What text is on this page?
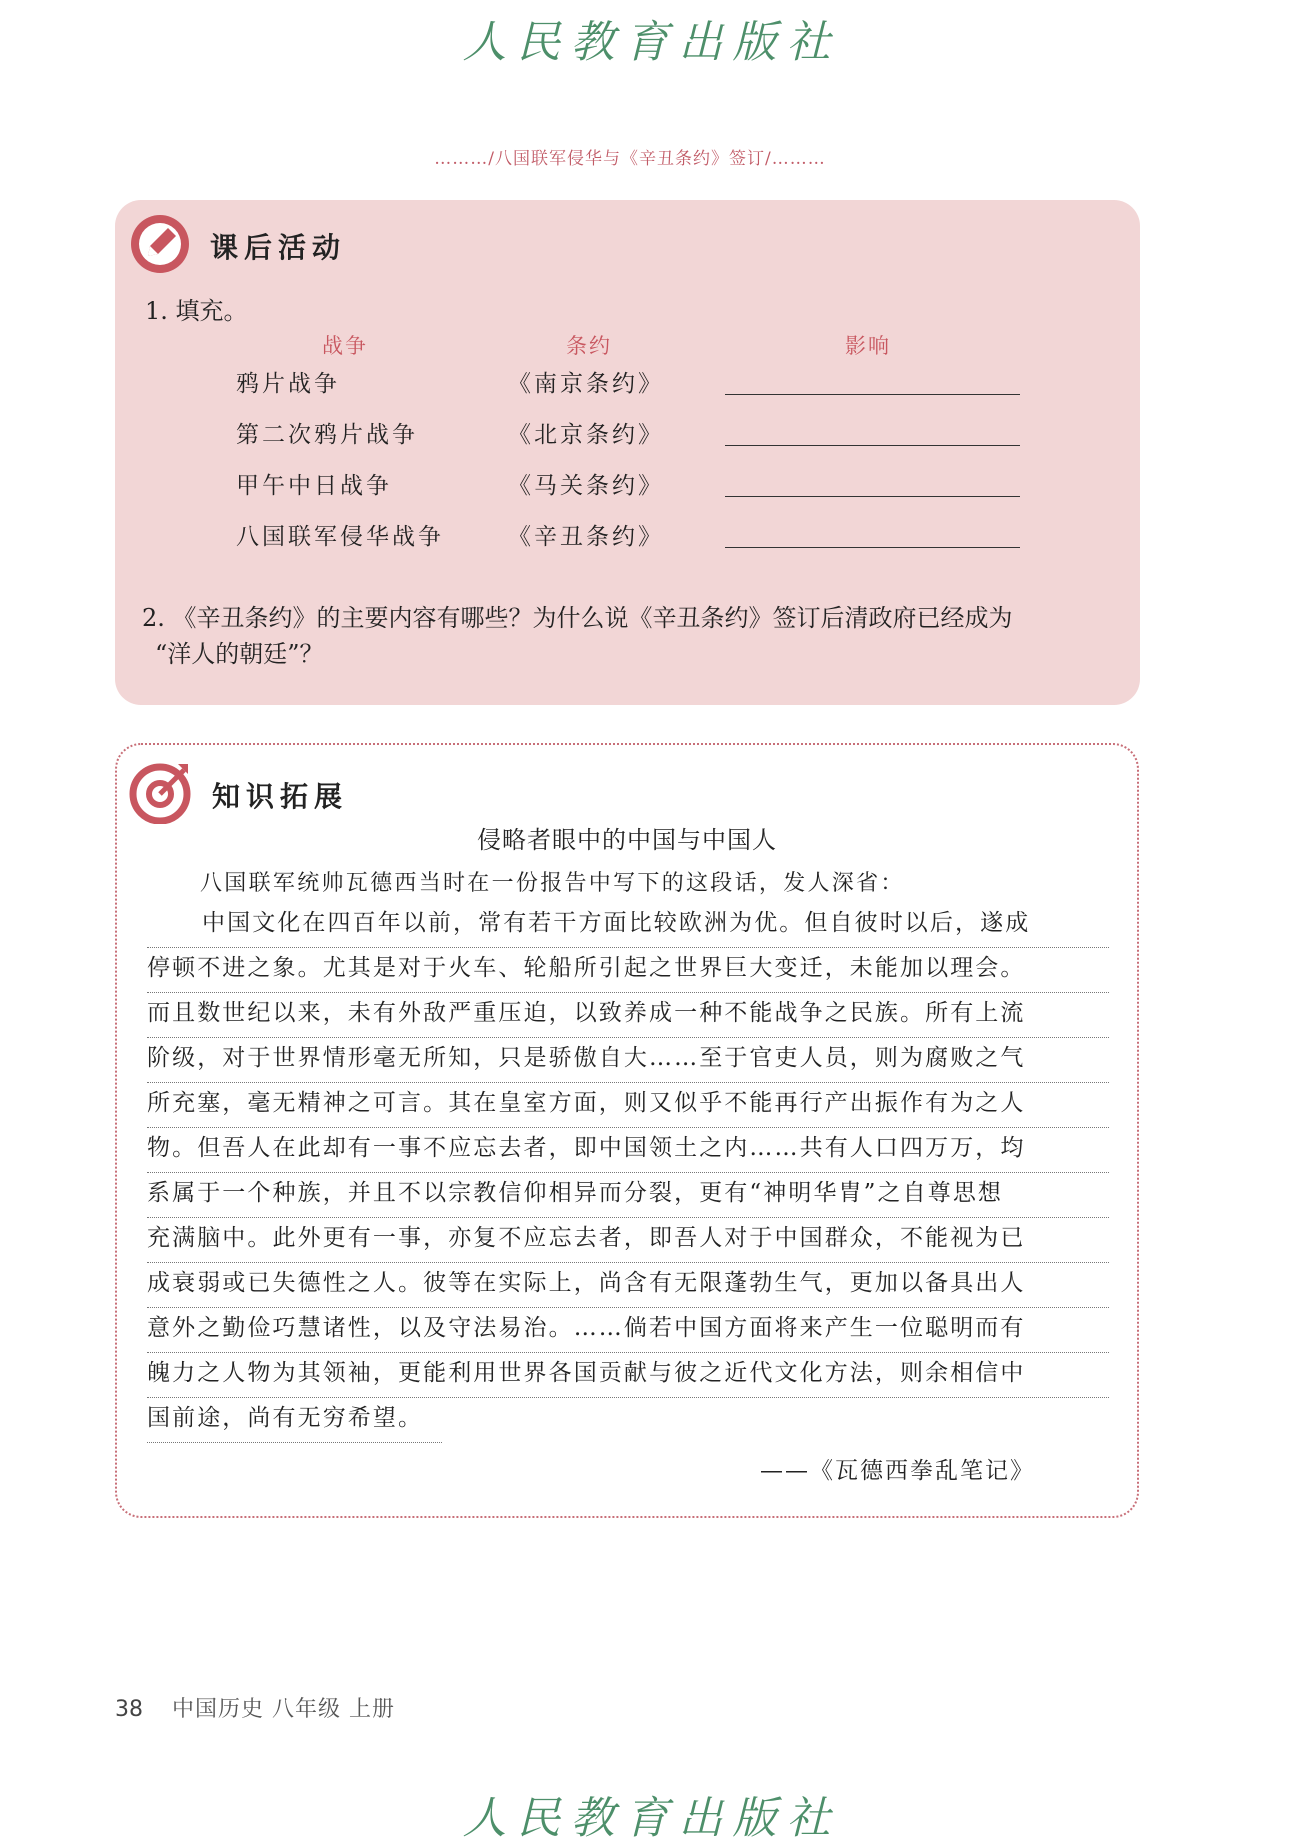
人民教育出版社
………/八国联军侵华与《辛丑条约》签订/………
课后活动
1. 填充。
战争	条约	影响
鸦片战争	《南京条约》
第二次鸦片战争	《北京条约》
甲午中日战争	《马关条约》
八国联军侵华战争	《辛丑条约》
2. 《辛丑条约》的主要内容有哪些？为什么说《辛丑条约》签订后清政府已经成为
“洋人的朝廷”？
知识拓展
侵略者眼中的中国与中国人
八国联军统帅瓦德西当时在一份报告中写下的这段话，发人深省：
中国文化在四百年以前，常有若干方面比较欧洲为优。但自彼时以后，遂成
停顿不进之象。尤其是对于火车、轮船所引起之世界巨大变迁，未能加以理会。
而且数世纪以来，未有外敌严重压迫，以致养成一种不能战争之民族。所有上流
阶级，对于世界情形毫无所知，只是骄傲自大……至于官吏人员，则为腐败之气
所充塞，毫无精神之可言。其在皇室方面，则又似乎不能再行产出振作有为之人
物。但吾人在此却有一事不应忘去者，即中国领土之内……共有人口四万万，均
系属于一个种族，并且不以宗教信仰相异而分裂，更有“神明华胄”之自尊思想
充满脑中。此外更有一事，亦复不应忘去者，即吾人对于中国群众，不能视为已
成衰弱或已失德性之人。彼等在实际上，尚含有无限蓬勃生气，更加以备具出人
意外之勤俭巧慧诸性，以及守法易治。……倘若中国方面将来产生一位聪明而有
魄力之人物为其领袖，更能利用世界各国贡献与彼之近代文化方法，则余相信中
国前途，尚有无穷希望。
——《瓦德西拳乱笔记》
38 中国历史 八年级 上册
人民教育出版社
